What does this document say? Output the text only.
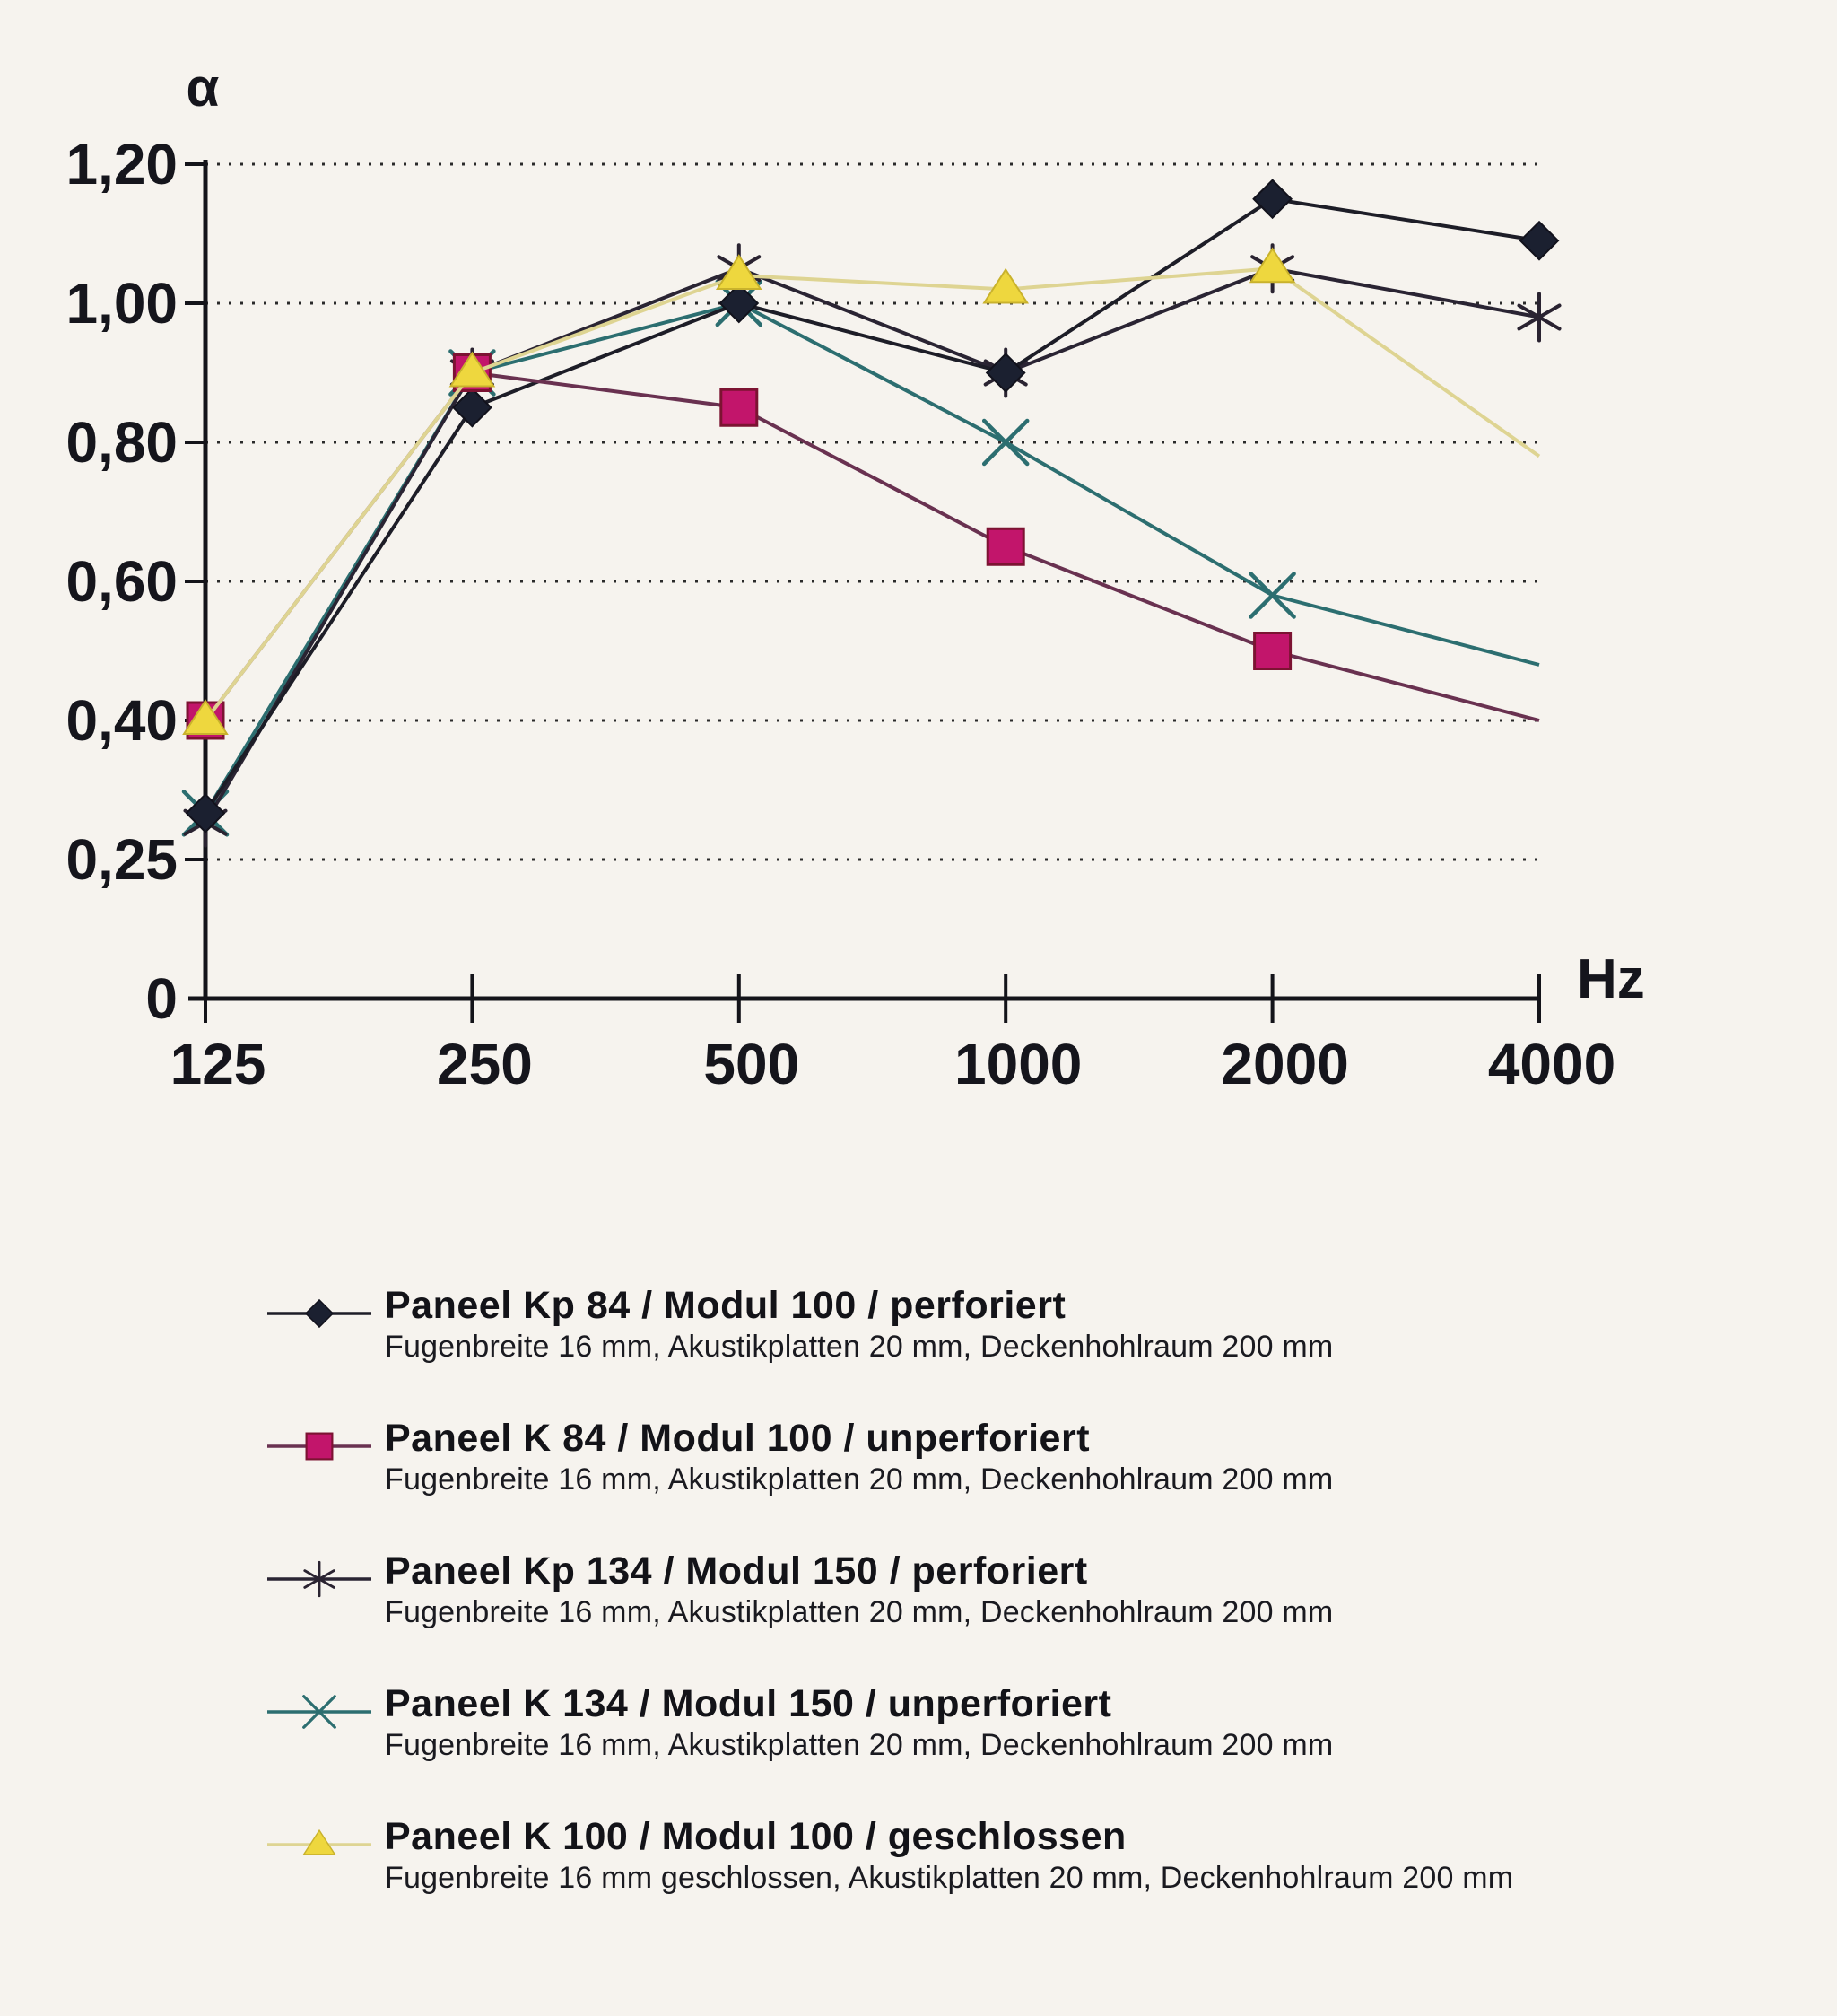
0
0,25
0,40
0,60
0,80
1,00
1,20
α
125	250	500	1000 2000 4000
Hz
Paneel Kp 84 / Modul 100 / perforiert
Fugenbreite 16 mm, Akustikplatten 20 mm, Deckenhohlraum 200 mm
Paneel K 84 / Modul 100 / unperforiert
Fugenbreite 16 mm, Akustikplatten 20 mm, Deckenhohlraum 200 mm
Paneel Kp 134 / Modul 150 / perforiert
Fugenbreite 16 mm, Akustikplatten 20 mm, Deckenhohlraum 200 mm
Paneel K 134 / Modul 150 / unperforiert
Fugenbreite 16 mm, Akustikplatten 20 mm, Deckenhohlraum 200 mm
Paneel K 100 / Modul 100 / geschlossen
Fugenbreite 16 mm geschlossen, Akustikplatten 20 mm, Deckenhohlraum 200 mm
